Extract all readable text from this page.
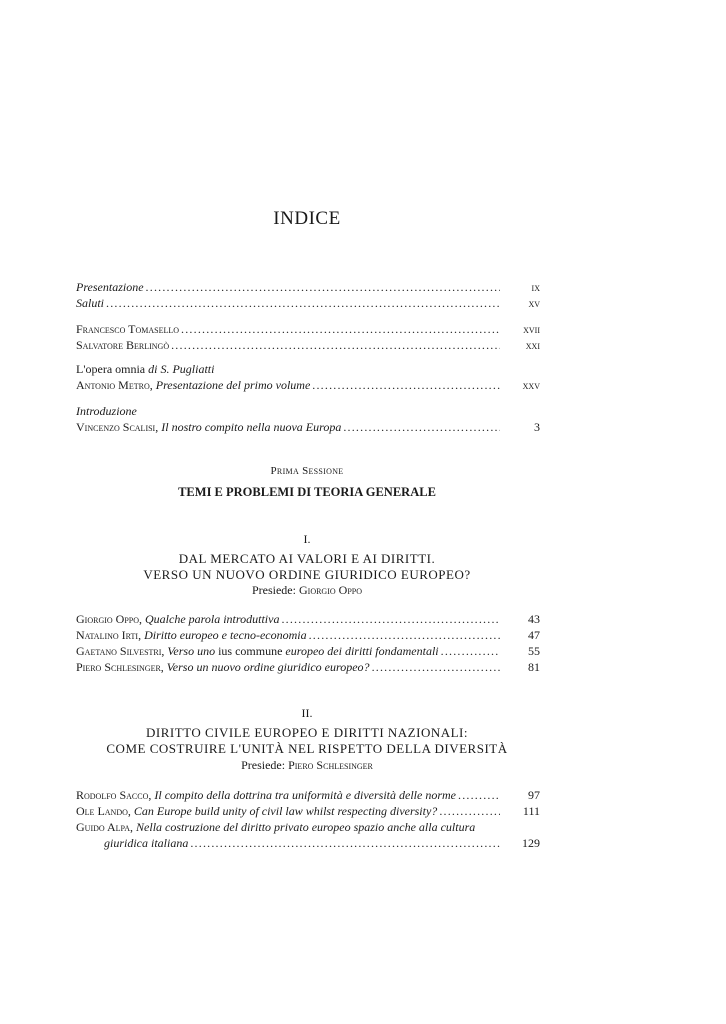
INDICE
Presentazione .....	ix
Saluti .....	xv
Francesco Tomasello .....	xvii
Salvatore Berlingò .....	xxi
L'opera omnia di S. Pugliatti
Antonio Metro, Presentazione del primo volume .....	xxv
Introduzione
Vincenzo Scalisi, Il nostro compito nella nuova Europa .....	3
Prima Sessione
TEMI E PROBLEMI DI TEORIA GENERALE
I.
DAL MERCATO AI VALORI E AI DIRITTI.
VERSO UN NUOVO ORDINE GIURIDICO EUROPEO?
Presiede: Giorgio Oppo
Giorgio Oppo, Qualche parola introduttiva .....	43
Natalino Irti, Diritto europeo e tecno-economia .....	47
Gaetano Silvestri, Verso uno ius commune europeo dei diritti fondamentali .....	55
Piero Schlesinger, Verso un nuovo ordine giuridico europeo? .....	81
II.
DIRITTO CIVILE EUROPEO E DIRITTI NAZIONALI:
COME COSTRUIRE L'UNITÀ NEL RISPETTO DELLA DIVERSITÀ
Presiede: Piero Schlesinger
Rodolfo Sacco, Il compito della dottrina tra uniformità e diversità delle norme .....	97
Ole Lando, Can Europe build unity of civil law whilst respecting diversity? .....	111
Guido Alpa, Nella costruzione del diritto privato europeo spazio anche alla cultura
giuridica italiana .....	129
